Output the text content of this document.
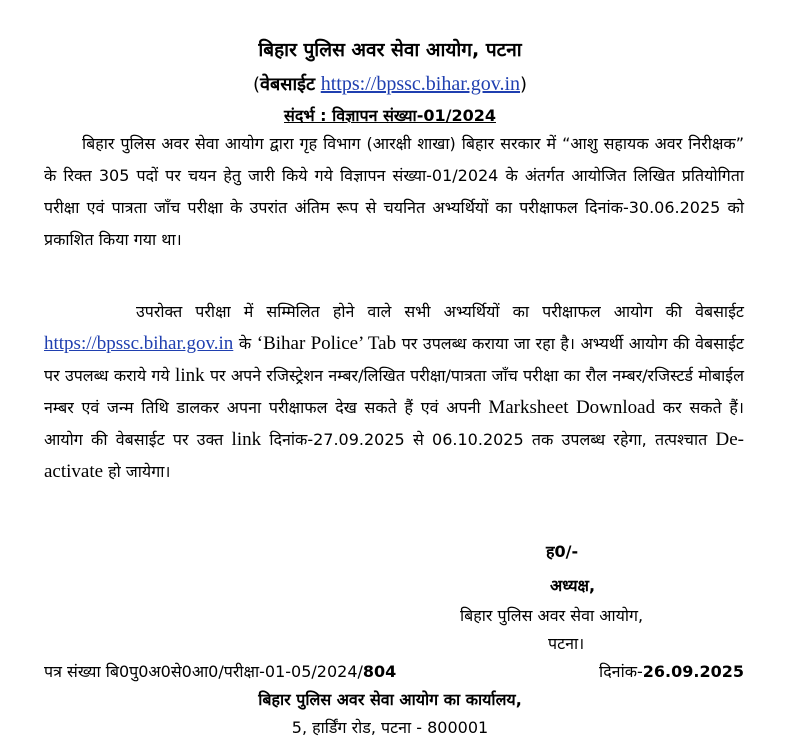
बिहार पुलिस अवर सेवा आयोग, पटना
(वेबसाईट https://bpssc.bihar.gov.in)
संदर्भ : विज्ञापन संख्या-01/2024
बिहार पुलिस अवर सेवा आयोग द्वारा गृह विभाग (आरक्षी शाखा) बिहार सरकार में “आशु सहायक अवर निरीक्षक” के रिक्त 305 पदों पर चयन हेतु जारी किये गये विज्ञापन संख्या-01/2024 के अंतर्गत आयोजित लिखित प्रतियोगिता परीक्षा एवं पात्रता जाँच परीक्षा के उपरांत अंतिम रूप से चयनित अभ्यर्थियों का परीक्षाफल दिनांक-30.06.2025 को प्रकाशित किया गया था।
उपरोक्त परीक्षा में सम्मिलित होने वाले सभी अभ्यर्थियों का परीक्षाफल आयोग की वेबसाईट https://bpssc.bihar.gov.in के ‘Bihar Police’ Tab पर उपलब्ध कराया जा रहा है। अभ्यर्थी आयोग की वेबसाईट पर उपलब्ध कराये गये link पर अपने रजिस्ट्रेशन नम्बर/लिखित परीक्षा/पात्रता जाँच परीक्षा का रौल नम्बर/रजिस्टर्ड मोबाईल नम्बर एवं जन्म तिथि डालकर अपना परीक्षाफल देख सकते हैं एवं अपनी Marksheet Download कर सकते हैं। आयोग की वेबसाईट पर उक्त link दिनांक-27.09.2025 से 06.10.2025 तक उपलब्ध रहेगा, तत्पश्चात De-activate हो जायेगा।
ह0/-
अध्यक्ष,
बिहार पुलिस अवर सेवा आयोग,
पटना।
पत्र संख्या बि0पु0अ0से0आ0/परीक्षा-01-05/2024/804	दिनांक-26.09.2025
बिहार पुलिस अवर सेवा आयोग का कार्यालय,
5, हार्डिंग रोड, पटना - 800001
